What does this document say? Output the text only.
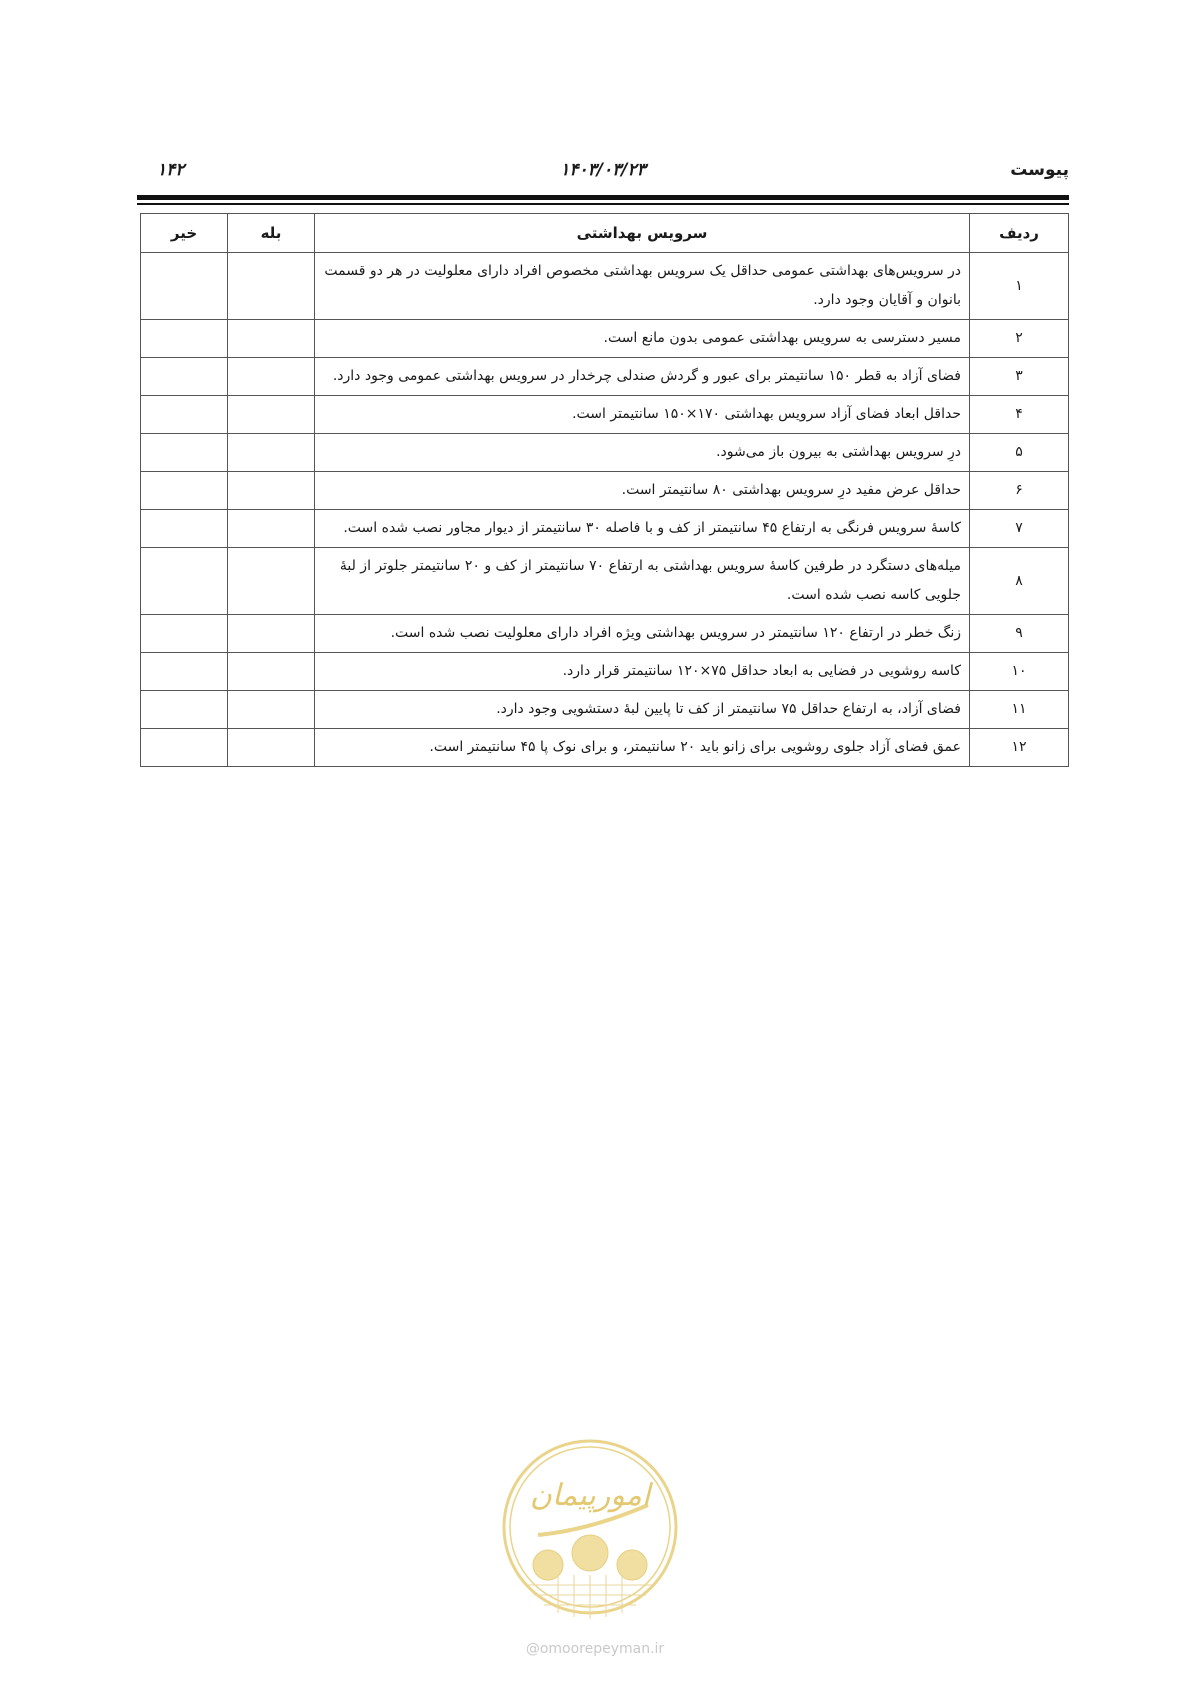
پیوست
۱۴۰۳/۰۳/۲۳
۱۴۲
ردیف	سرویس بهداشتی	بله	خیر
۱	در سرویس‌های بهداشتی عمومی حداقل یک سرویس بهداشتی مخصوص افراد دارای معلولیت در هر دو قسمت بانوان و آقایان وجود دارد.		
۲	مسیر دسترسی به سرویس بهداشتی عمومی بدون مانع است.		
۳	فضای آزاد به قطر ۱۵۰ سانتیمتر برای عبور و گردش صندلی چرخدار در سرویس بهداشتی عمومی وجود دارد.		
۴	حداقل ابعاد فضای آزاد سرویس بهداشتی ۱۷۰×۱۵۰ سانتیمتر است.		
۵	درِ سرویس بهداشتی به بیرون باز می‌شود.		
۶	حداقل عرض مفید درِ سرویس بهداشتی ۸۰ سانتیمتر است.		
۷	کاسهٔ سرویس فرنگی به ارتفاع ۴۵ سانتیمتر از کف و با فاصله ۳۰ سانتیمتر از دیوار مجاور نصب شده است.		
۸	میله‌های دستگرد در طرفین کاسهٔ سرویس بهداشتی به ارتفاع ۷۰ سانتیمتر از کف و ۲۰ سانتیمتر جلوتر از لبهٔ جلویی کاسه نصب شده است.		
۹	زنگ خطر در ارتفاع ۱۲۰ سانتیمتر در سرویس بهداشتی ویژه افراد دارای معلولیت نصب شده است.		
۱۰	کاسه روشویی در فضایی به ابعاد حداقل ۷۵×۱۲۰ سانتیمتر قرار دارد.		
۱۱	فضای آزاد، به ارتفاع حداقل ۷۵ سانتیمتر از کف تا پایین لبهٔ دستشویی وجود دارد.		
۱۲	عمق فضای آزاد جلوی روشویی برای زانو باید ۲۰ سانتیمتر، و برای نوک پا ۴۵ سانتیمتر است.		
امورپیمان
@omoorepeyman.ir
